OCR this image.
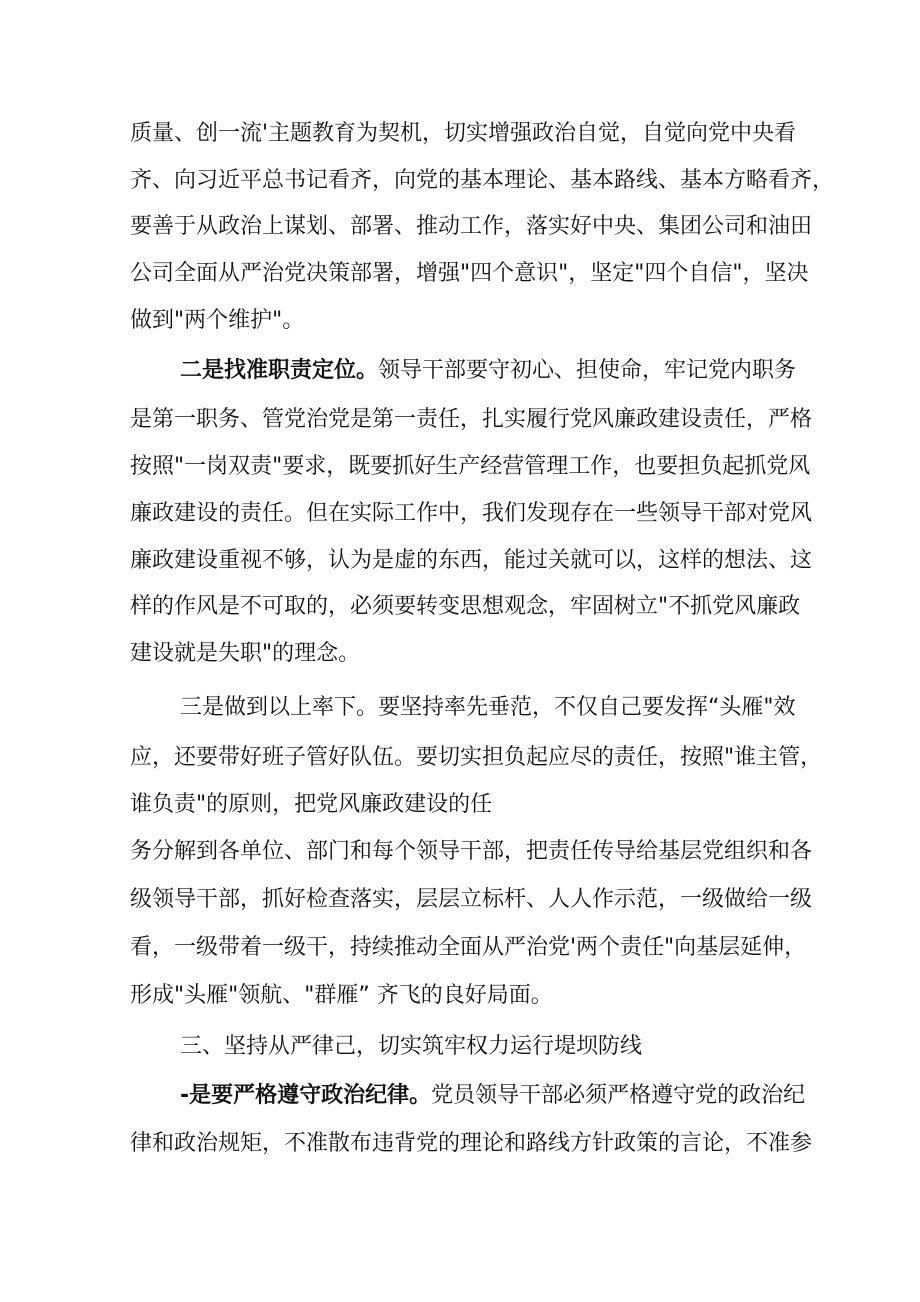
质量、创一流'主题教育为契机，切实增强政治自觉，自觉向党中央看
齐、向习近平总书记看齐，向党的基本理论、基本路线、基本方略看齐，
要善于从政治上谋划、部署、推动工作，落实好中央、集团公司和油田
公司全面从严治党决策部署，增强"四个意识"，坚定"四个自信"，坚决
做到"两个维护"。
二是找准职责定位。领导干部要守初心、担使命，牢记党内职务
是第一职务、管党治党是第一责任，扎实履行党风廉政建设责任，严格
按照"一岗双责"要求，既要抓好生产经营管理工作，也要担负起抓党风
廉政建设的责任。但在实际工作中，我们发现存在一些领导干部对党风
廉政建设重视不够，认为是虚的东西，能过关就可以，这样的想法、这
样的作风是不可取的，必须要转变思想观念，牢固树立"不抓党风廉政
建设就是失职"的理念。
三是做到以上率下。要坚持率先垂范，不仅自己要发挥“头雁"效
应，还要带好班子管好队伍。要切实担负起应尽的责任，按照"谁主管，
谁负责"的原则，把党风廉政建设的任
务分解到各单位、部门和每个领导干部，把责任传导给基层党组织和各
级领导干部，抓好检查落实，层层立标杆、人人作示范，一级做给一级
看，一级带着一级干，持续推动全面从严治党'两个责任"向基层延伸，
形成"头雁"领航、"群雁” 齐飞的良好局面。
三、坚持从严律己，切实筑牢权力运行堤坝防线
-是要严格遵守政治纪律。党员领导干部必须严格遵守党的政治纪
律和政治规矩，不准散布违背党的理论和路线方针政策的言论，不准参
